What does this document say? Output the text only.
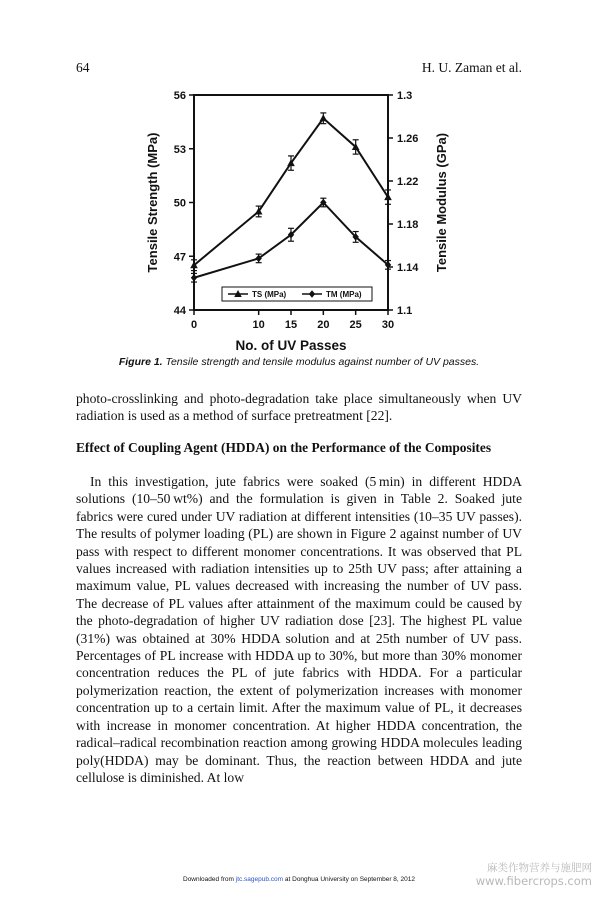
64	H. U. Zaman et al.
44
47
50
53
56
1.1
1.14
1.18
1.22
1.26
1.3
0	10 15 20 25 30
No. of UV Passes
Tensile Strength (MPa)	Tensile Modulus (GPa)
TS (MPa)	TM (MPa)
Figure 1. Tensile strength and tensile modulus against number of UV passes.
photo-crosslinking and photo-degradation take place simultaneously when UV radiation is used as a method of surface pretreatment [22].
Effect of Coupling Agent (HDDA) on the Performance of the Composites
In this investigation, jute fabrics were soaked (5 min) in different HDDA solutions (10–50 wt%) and the formulation is given in Table 2. Soaked jute fabrics were cured under UV radiation at different intensities (10–35 UV passes). The results of polymer loading (PL) are shown in Figure 2 against number of UV pass with respect to different monomer concentrations. It was observed that PL values increased with radiation intensities up to 25th UV pass; after attaining a maximum value, PL values decreased with increasing the number of UV pass. The decrease of PL values after attainment of the maximum could be caused by the photo-degradation of higher UV radiation dose [23]. The highest PL value (31%) was obtained at 30% HDDA solution and at 25th number of UV pass. Percentages of PL increase with HDDA up to 30%, but more than 30% monomer concentration reduces the PL of jute fabrics with HDDA. For a particular polymerization reaction, the extent of polymerization increases with monomer concentration up to a certain limit. After the maximum value of PL, it decreases with increase in monomer concentration. At higher HDDA concentration, the radical–radical recombination reaction among growing HDDA molecules leading poly(HDDA) may be dominant. Thus, the reaction between HDDA and jute cellulose is diminished. At low
Downloaded from jtc.sagepub.com at Donghua University on September 8, 2012
麻类作物营养与施肥网
www.fibercrops.com
